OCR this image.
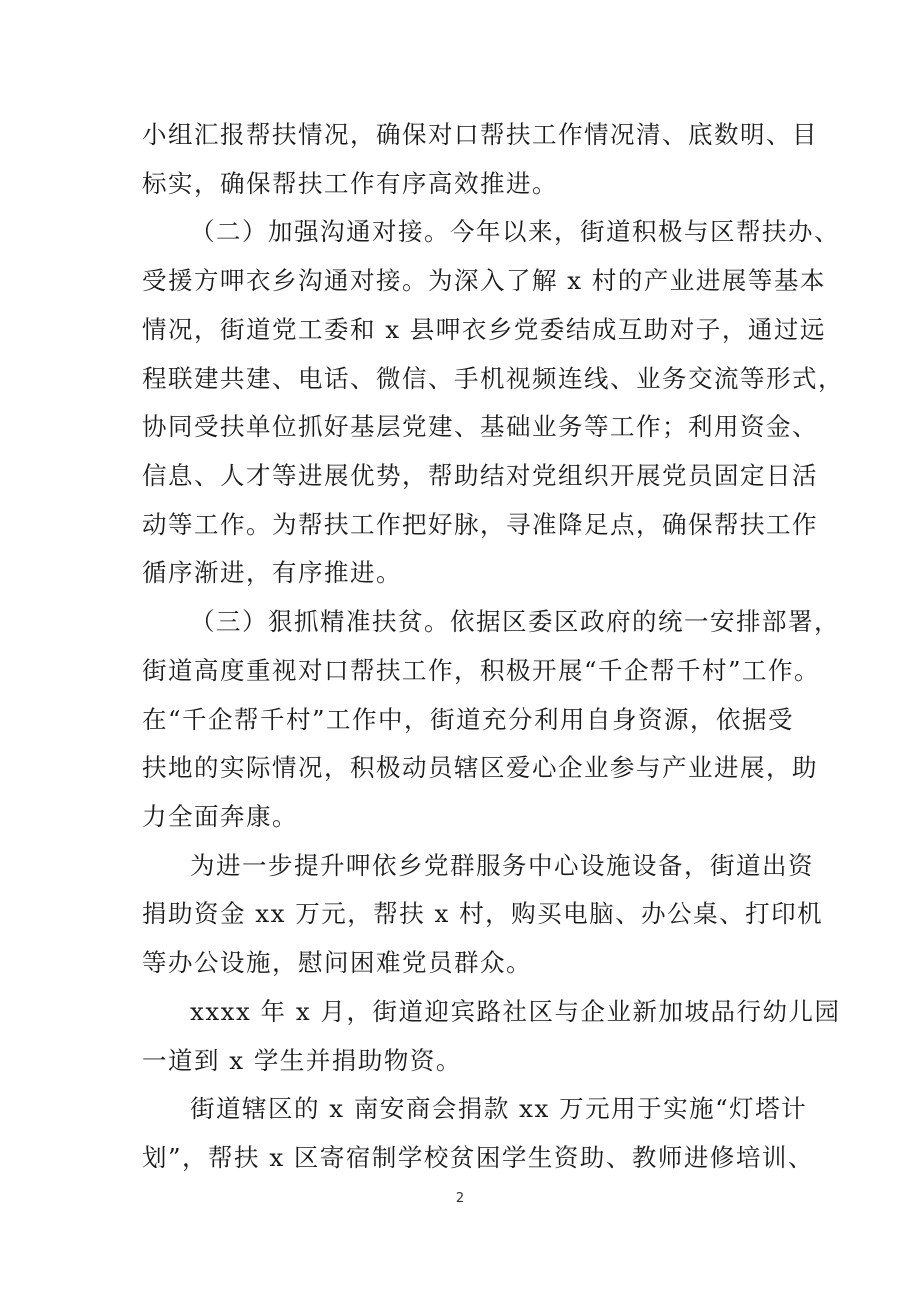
小组汇报帮扶情况，确保对口帮扶工作情况清、底数明、目
标实，确保帮扶工作有序高效推进。
（二）加强沟通对接。今年以来，街道积极与区帮扶办、
受援方呷衣乡沟通对接。为深入了解 x 村的产业进展等基本
情况，街道党工委和 x 县呷衣乡党委结成互助对子，通过远
程联建共建、电话、微信、手机视频连线、业务交流等形式，
协同受扶单位抓好基层党建、基础业务等工作；利用资金、
信息、人才等进展优势，帮助结对党组织开展党员固定日活
动等工作。为帮扶工作把好脉，寻准降足点，确保帮扶工作
循序渐进，有序推进。
（三）狠抓精准扶贫。依据区委区政府的统一安排部署，
街道高度重视对口帮扶工作，积极开展“千企帮千村”工作。
在“千企帮千村”工作中，街道充分利用自身资源，依据受
扶地的实际情况，积极动员辖区爱心企业参与产业进展，助
力全面奔康。
为进一步提升呷依乡党群服务中心设施设备，街道出资
捐助资金 xx 万元，帮扶 x 村，购买电脑、办公桌、打印机
等办公设施，慰问困难党员群众。
xxxx 年 x 月，街道迎宾路社区与企业新加坡品行幼儿园
一道到 x 学生并捐助物资。
街道辖区的 x 南安商会捐款 xx 万元用于实施“灯塔计
划”，帮扶 x 区寄宿制学校贫困学生资助、教师进修培训、
2
